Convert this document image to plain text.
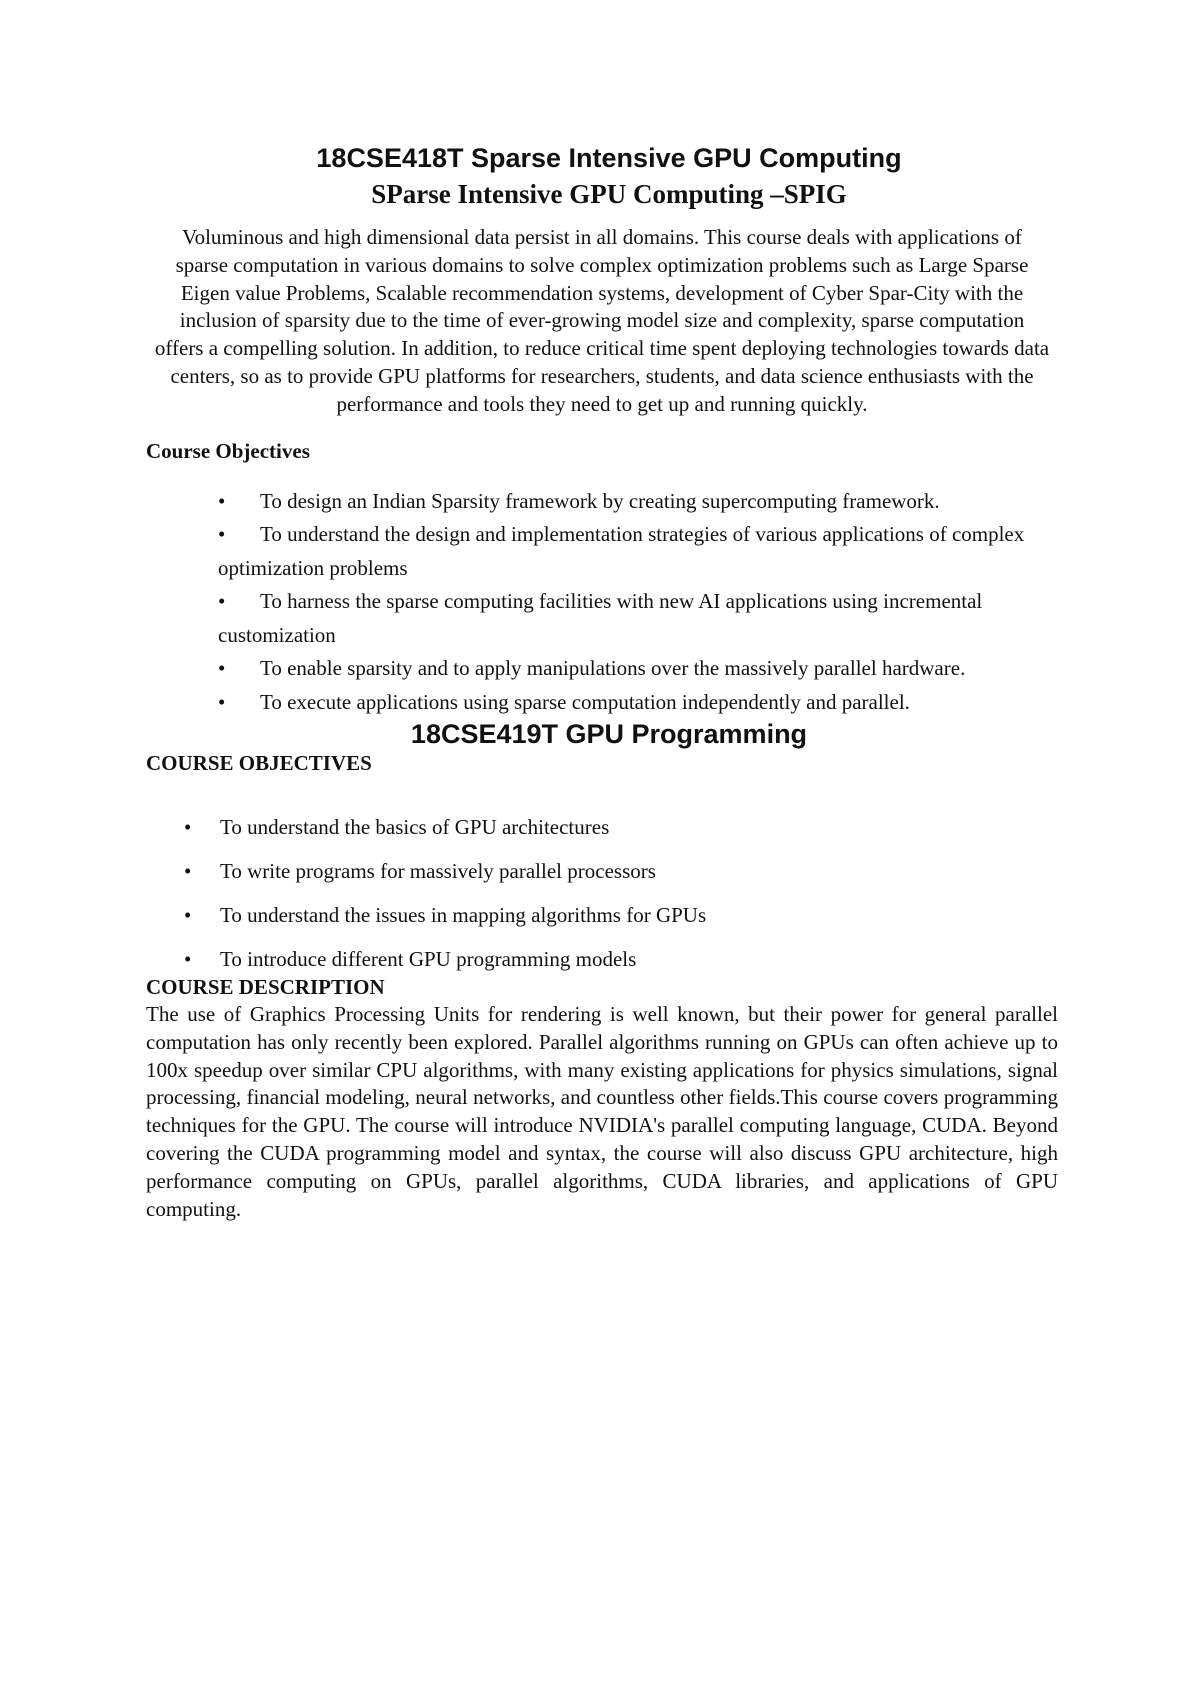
18CSE418T Sparse Intensive GPU Computing
SParse Intensive GPU Computing –SPIG

Voluminous and high dimensional data persist in all domains. This course deals with applications of sparse computation in various domains to solve complex optimization problems such as Large Sparse Eigen value Problems, Scalable recommendation systems, development of Cyber Spar-City with the inclusion of sparsity due to the time of ever-growing model size and complexity, sparse computation offers a compelling solution. In addition, to reduce critical time spent deploying technologies towards data centers, so as to provide GPU platforms for researchers, students, and data science enthusiasts with the performance and tools they need to get up and running quickly.

Course Objectives
• To design an Indian Sparsity framework by creating supercomputing framework.
• To understand the design and implementation strategies of various applications of complex optimization problems
• To harness the sparse computing facilities with new AI applications using incremental customization
• To enable sparsity and to apply manipulations over the massively parallel hardware.
• To execute applications using sparse computation independently and parallel.
18CSE419T GPU Programming
COURSE OBJECTIVES
• To understand the basics of GPU architectures
• To write programs for massively parallel processors
• To understand the issues in mapping algorithms for GPUs
• To introduce different GPU programming models
COURSE DESCRIPTION

The use of Graphics Processing Units for rendering is well known, but their power for general parallel computation has only recently been explored. Parallel algorithms running on GPUs can often achieve up to 100x speedup over similar CPU algorithms, with many existing applications for physics simulations, signal processing, financial modeling, neural networks, and countless other fields.This course covers programming techniques for the GPU. The course will introduce NVIDIA's parallel computing language, CUDA. Beyond covering the CUDA programming model and syntax, the course will also discuss GPU architecture, high performance computing on GPUs, parallel algorithms, CUDA libraries, and applications of GPU computing.
